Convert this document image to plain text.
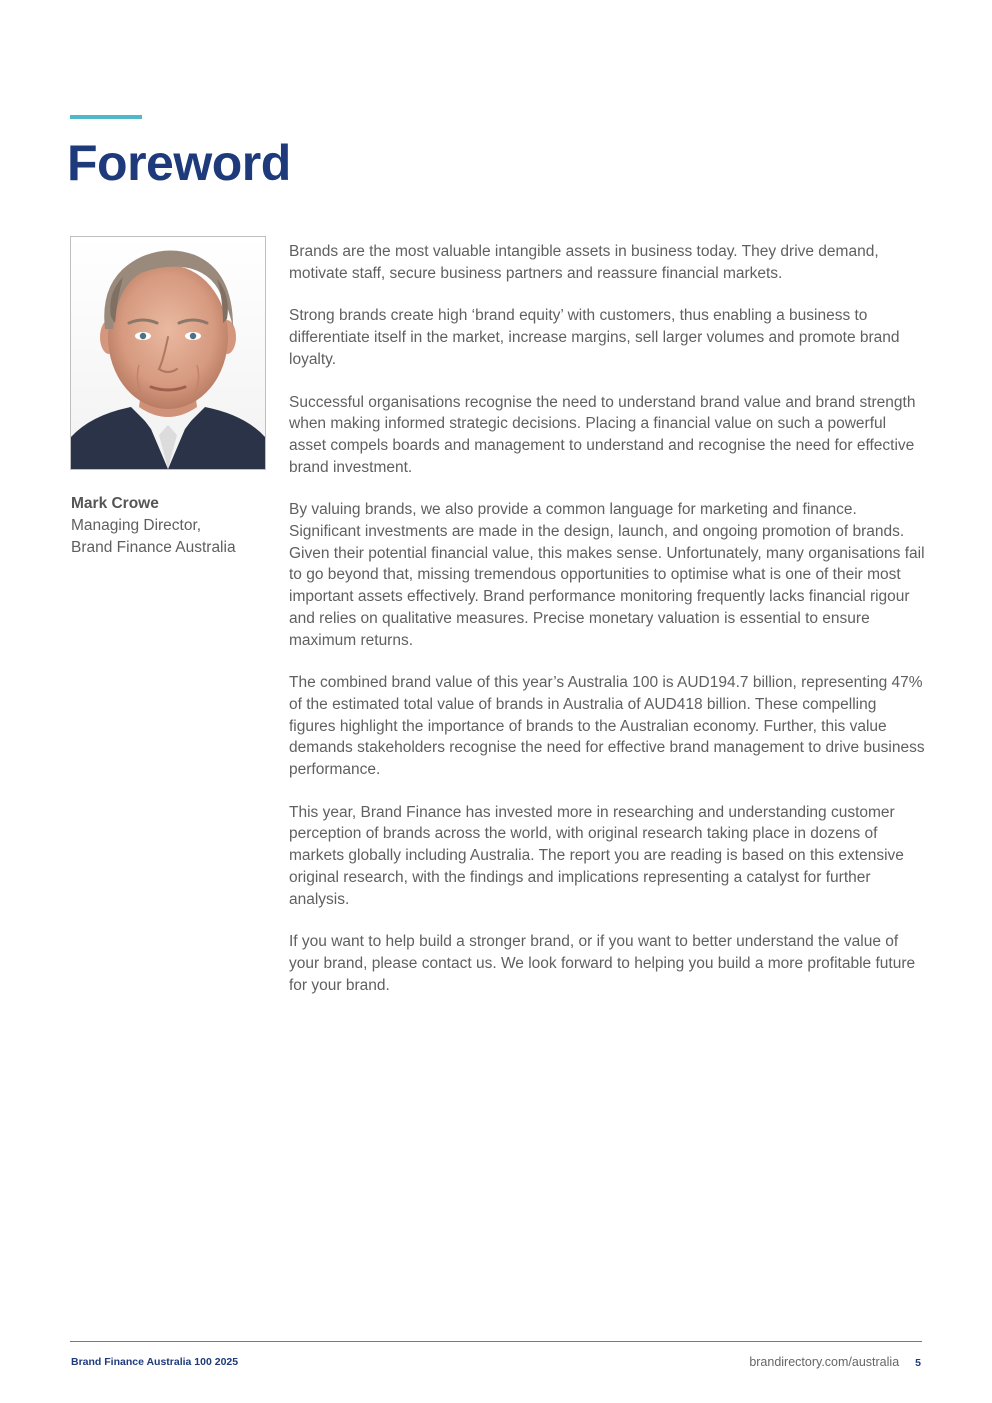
Foreword
Mark Crowe
Managing Director,
Brand Finance Australia

Brands are the most valuable intangible assets in business today. They drive demand, motivate staff, secure business partners and reassure financial markets.

Strong brands create high ‘brand equity’ with customers, thus enabling a business to differentiate itself in the market, increase margins, sell larger volumes and promote brand loyalty.

Successful organisations recognise the need to understand brand value and brand strength when making informed strategic decisions. Placing a financial value on such a powerful asset compels boards and management to understand and recognise the need for effective brand investment.

By valuing brands, we also provide a common language for marketing and finance. Significant investments are made in the design, launch, and ongoing promotion of brands. Given their potential financial value, this makes sense. Unfortunately, many organisations fail to go beyond that, missing tremendous opportunities to optimise what is one of their most important assets effectively. Brand performance monitoring frequently lacks financial rigour and relies on qualitative measures. Precise monetary valuation is essential to ensure maximum returns.

The combined brand value of this year’s Australia 100 is AUD194.7 billion, representing 47% of the estimated total value of brands in Australia of AUD418 billion. These compelling figures highlight the importance of brands to the Australian economy. Further, this value demands stakeholders recognise the need for effective brand management to drive business performance.

This year, Brand Finance has invested more in researching and understanding customer perception of brands across the world, with original research taking place in dozens of markets globally including Australia. The report you are reading is based on this extensive original research, with the findings and implications representing a catalyst for further analysis.

If you want to help build a stronger brand, or if you want to better understand the value of your brand, please contact us. We look forward to helping you build a more profitable future for your brand.

Brand Finance Australia 100 2025	brandirectory.com/australia 5
